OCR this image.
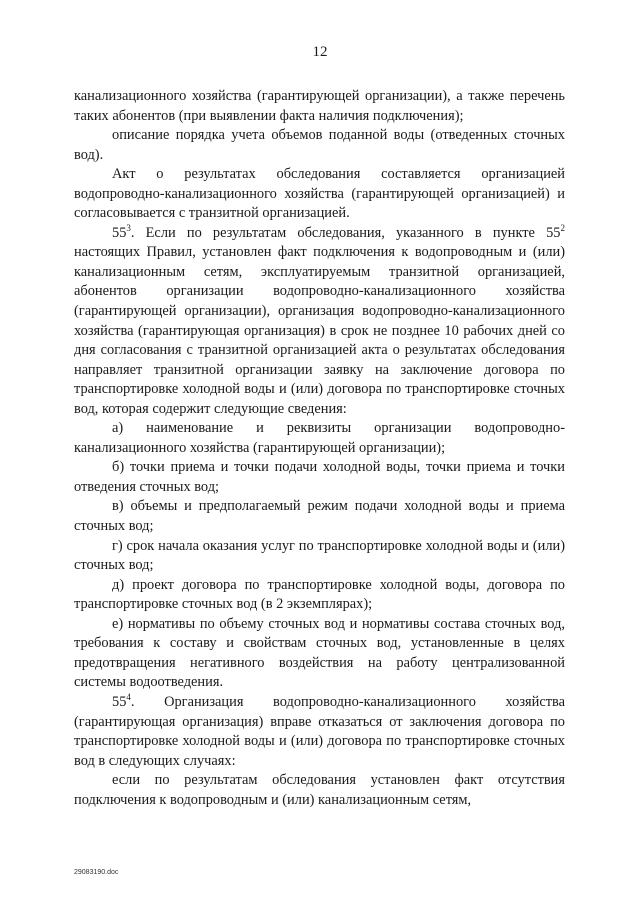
12

канализационного хозяйства (гарантирующей организации), а также перечень таких абонентов (при выявлении факта наличия подключения);

описание порядка учета объемов поданной воды (отведенных сточных вод).

Акт о результатах обследования составляется организацией водопроводно-канализационного хозяйства (гарантирующей организацией) и согласовывается с транзитной организацией.

$55^3$. Если по результатам обследования, указанного в пункте $55^2$ настоящих Правил, установлен факт подключения к водопроводным и (или) канализационным сетям, эксплуатируемым транзитной организацией, абонентов организации водопроводно-канализационного хозяйства (гарантирующей организации), организация водопроводно-канализационного хозяйства (гарантирующая организация) в срок не позднее 10 рабочих дней со дня согласования с транзитной организацией акта о результатах обследования направляет транзитной организации заявку на заключение договора по транспортировке холодной воды и (или) договора по транспортировке сточных вод, которая содержит следующие сведения:

а) наименование и реквизиты организации водопроводно-канализационного хозяйства (гарантирующей организации);

б) точки приема и точки подачи холодной воды, точки приема и точки отведения сточных вод;

в) объемы и предполагаемый режим подачи холодной воды и приема сточных вод;

г) срок начала оказания услуг по транспортировке холодной воды и (или) сточных вод;

д) проект договора по транспортировке холодной воды, договора по транспортировке сточных вод (в 2 экземплярах);

е) нормативы по объему сточных вод и нормативы состава сточных вод, требования к составу и свойствам сточных вод, установленные в целях предотвращения негативного воздействия на работу централизованной системы водоотведения.

$55^4$. Организация водопроводно-канализационного хозяйства (гарантирующая организация) вправе отказаться от заключения договора по транспортировке холодной воды и (или) договора по транспортировке сточных вод в следующих случаях:

если по результатам обследования установлен факт отсутствия подключения к водопроводным и (или) канализационным сетям,

29083190.doc
